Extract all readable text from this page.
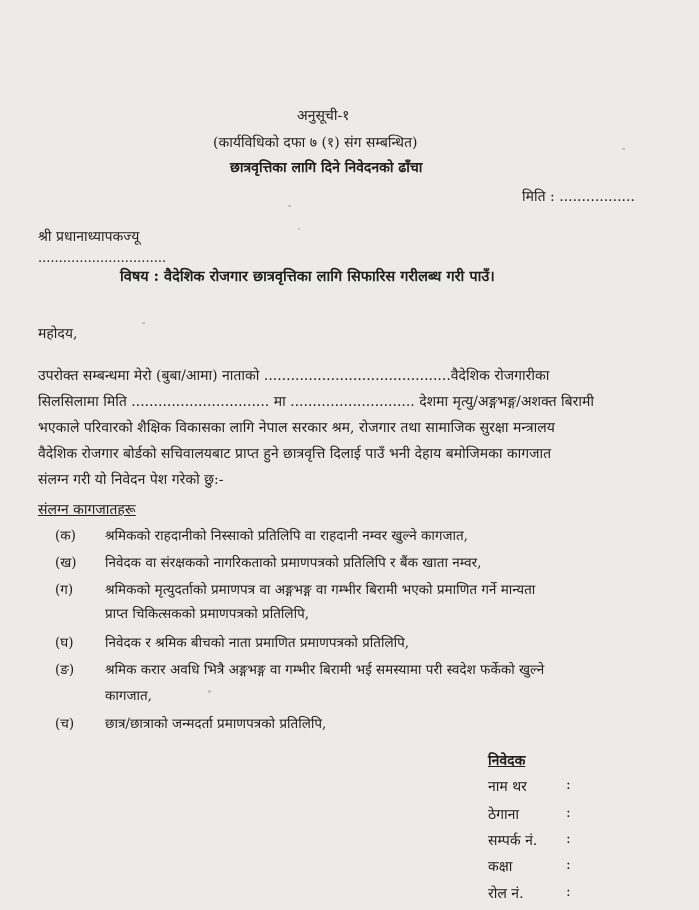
अनुसूची-१
(कार्यविधिको दफा ७ (१) संग सम्बन्धित)
छात्रवृत्तिका लागि दिने निवेदनको ढाँचा
मिति : .................
श्री प्रधानाध्यापकज्यू
...............................
विषय : वैदेशिक रोजगार छात्रवृत्तिका लागि सिफारिस गरीलब्ध गरी पाउँ।
महोदय,
उपरोक्त सम्बन्धमा मेरो (बुबा/आमा) नाताको ..........................................वैदेशिक रोजगारीका
सिलसिलामा मिति ............................... मा ............................ देशमा मृत्यु/अङ्गभङ्ग/अशक्त बिरामी
भएकाले परिवारको शैक्षिक विकासका लागि नेपाल सरकार श्रम, रोजगार तथा सामाजिक सुरक्षा मन्त्रालय
वैदेशिक रोजगार बोर्डको सचिवालयबाट प्राप्त हुने छात्रवृत्ति दिलाई पाउँ भनी देहाय बमोजिमका कागजात
संलग्न गरी यो निवेदन पेश गरेको छु:-
संलग्न कागजातहरू
(क) श्रमिकको राहदानीको निस्साको प्रतिलिपि वा राहदानी नम्वर खुल्ने कागजात,
(ख) निवेदक वा संरक्षकको नागरिकताको प्रमाणपत्रको प्रतिलिपि र बैंक खाता नम्वर,
(ग) श्रमिकको मृत्युदर्ताको प्रमाणपत्र वा अङ्गभङ्ग वा गम्भीर बिरामी भएको प्रमाणित गर्ने मान्यता
प्राप्त चिकित्सकको प्रमाणपत्रको प्रतिलिपि,
(घ) निवेदक र श्रमिक बीचको नाता प्रमाणित प्रमाणपत्रको प्रतिलिपि,
(ङ) श्रमिक करार अवधि भित्रै अङ्गभङ्ग वा गम्भीर बिरामी भई समस्यामा परी स्वदेश फर्केको खुल्ने
कागजात,
(च) छात्र/छात्राको जन्मदर्ता प्रमाणपत्रको प्रतिलिपि,
निवेदक
नाम थर	:
ठेगाना	:
सम्पर्क नं. :
कक्षा	:
रोल नं.	:
